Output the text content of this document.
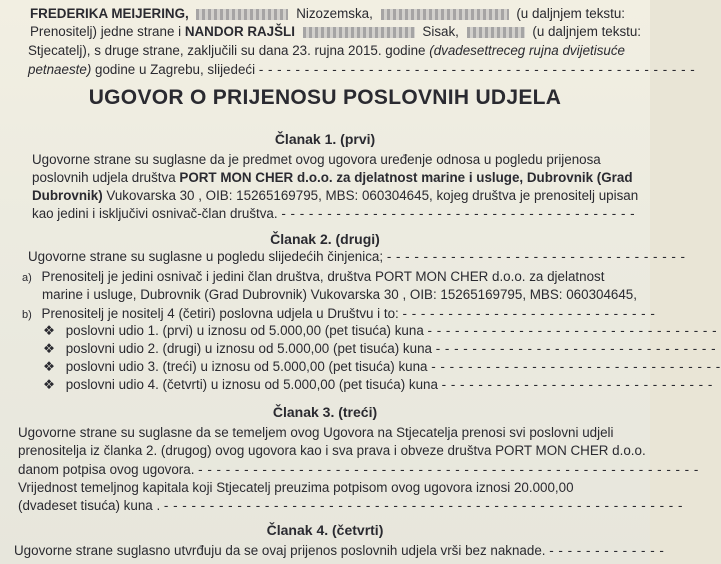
FREDERIKA MEIJERING,	Nizozemska,	(u daljnjem tekstu:
Prenositelj) jedne strane i NANDOR RAJŠLI	Sisak,	(u daljnjem tekstu:
Stjecatelj), s druge strane, zaključili su dana 23. rujna 2015. godine (dvadesettreceg rujna dvijetisuće
petnaeste) godine u Zagrebu, slijedeći - - - - - - - - - - - - - - - - - - - - - - - - - - - - - - - - - - - - - - - - - - - - - - - -
UGOVOR O PRIJENOSU POSLOVNIH UDJELA
Članak 1. (prvi)
Ugovorne strane su suglasne da je predmet ovog ugovora uređenje odnosa u pogledu prijenosa
poslovnih udjela društva PORT MON CHER d.o.o. za djelatnost marine i usluge, Dubrovnik (Grad
Dubrovnik) Vukovarska 30 , OIB: 15265169795, MBS: 060304645, kojeg društva je prenositelj upisan
kao jedini i isključivi osnivač-član društva. - - - - - - - - - - - - - - - - - - - - - - - - - - - - - - - - - - - - - - -
Članak 2. (drugi)
Ugovorne strane su suglasne u pogledu slijedećih činjenica; - - - - - - - - - - - - - - - - - - - - - - - - - - - - - - - - -
a) Prenositelj je jedini osnivač i jedini član društva, društva PORT MON CHER d.o.o. za djelatnost
marine i usluge, Dubrovnik (Grad Dubrovnik) Vukovarska 30 , OIB: 15265169795, MBS: 060304645,
b) Prenositelj je nositelj 4 (četiri) poslovna udjela u Društvu i to: - - - - - - - - - - - - - - - - - - - - - - - - - - - -
❖ poslovni udio 1. (prvi) u iznosu od 5.000,00 (pet tisuća) kuna - - - - - - - - - - - - - - - - - - - - - - - - - - - - - - - -
❖ poslovni udio 2. (drugi) u iznosu od 5.000,00 (pet tisuća) kuna - - - - - - - - - - - - - - - - - - - - - - - - - - - - - - -
❖ poslovni udio 3. (treći) u iznosu od 5.000,00 (pet tisuća) kuna - - - - - - - - - - - - - - - - - - - - - - - - - - - - - - - -
❖ poslovni udio 4. (četvrti) u iznosu od 5.000,00 (pet tisuća) kuna - - - - - - - - - - - - - - - - - - - - - - - - - - - - - -
Članak 3. (treći)
Ugovorne strane su suglasne da se temeljem ovog Ugovora na Stjecatelja prenosi svi poslovni udjeli
prenositelja iz članka 2. (drugog) ovog ugovora kao i sva prava i obveze društva PORT MON CHER d.o.o.
danom potpisa ovog ugovora. - - - - - - - - - - - - - - - - - - - - - - - - - - - - - - - - - - - - - - - - - - - - - - - - - - - - - - -
Vrijednost temeljnog kapitala koji Stjecatelj preuzima potpisom ovog ugovora iznosi 20.000,00
(dvadeset tisuća) kuna . - - - - - - - - - - - - - - - - - - - - - - - - - - - - - - - - - - - - - - - - - - - - - - - - - - - - - - - - -
Članak 4. (četvrti)
Ugovorne strane suglasno utvrđuju da se ovaj prijenos poslovnih udjela vrši bez naknade. - - - - - - - - - - - - -
